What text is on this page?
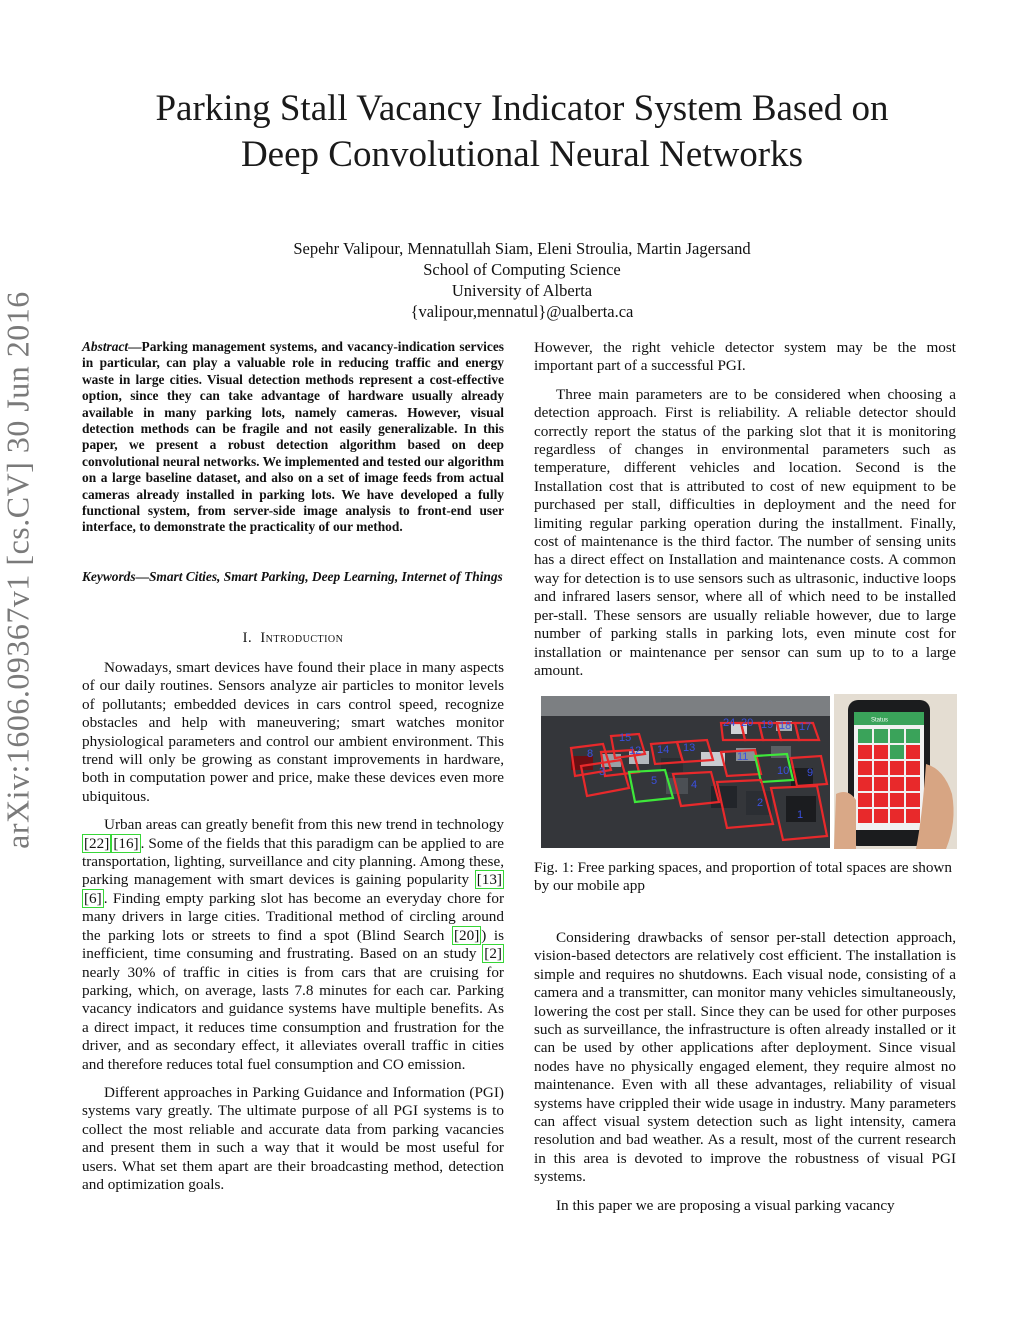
Parking Stall Vacancy Indicator System Based on
Deep Convolutional Neural Networks
Sepehr Valipour, Mennatullah Siam, Eleni Stroulia, Martin Jagersand
School of Computing Science
University of Alberta
{valipour,mennatul}@ualberta.ca
arXiv:1606.09367v1 [cs.CV] 30 Jun 2016	Abstract—Parking management systems, and vacancy-indication services in particular, can play a valuable role in reducing traffic and energy waste in large cities. Visual detection methods represent a cost-effective option, since they can take advantage of hardware usually already available in many parking lots, namely cameras. However, visual detection methods can be fragile and not easily generalizable. In this paper, we present a robust detection algorithm based on deep convolutional neural networks. We implemented and tested our algorithm on a large baseline dataset, and also on a set of image feeds from actual cameras already installed in parking lots. We have developed a fully functional system, from server-side image analysis to front-end user interface, to demonstrate the practicality of our method.
Keywords—Smart Cities, Smart Parking, Deep Learning, Internet of Things
I. Introduction

Nowadays, smart devices have found their place in many aspects of our daily routines. Sensors analyze air particles to monitor levels of pollutants; embedded devices in cars control speed, recognize obstacles and help with maneuvering; smart watches monitor physiological parameters and control our ambient environment. This trend will only be growing as constant improvements in hardware, both in computation power and price, make these devices even more ubiquitous.

Urban areas can greatly benefit from this new trend in technology [22] [16] . Some of the fields that this paradigm can be applied to are transportation, lighting, surveillance and city planning. Among these, parking management with smart devices is gaining popularity [13][6] . Finding empty parking slot has become an everyday chore for many drivers in large cities. Traditional method of circling around the parking lots or streets to find a spot (Blind Search [20] ) is inefficient, time consuming and frustrating. Based on an study [2] nearly 30% of traffic in cities is from cars that are cruising for parking, which, on average, lasts 7.8 minutes for each car. Parking vacancy indicators and guidance systems have multiple benefits. As a direct impact, it reduces time consumption and frustration for the driver, and as secondary effect, it alleviates overall traffic in cities and therefore reduces total fuel consumption and CO emission.

Different approaches in Parking Guidance and Information (PGI) systems vary greatly. The ultimate purpose of all PGI systems is to collect the most reliable and accurate data from parking vacancies and present them in such a way that it would be most useful for users. What set them apart are their broadcasting method, detection and optimization goals.

However, the right vehicle detector system may be the most important part of a successful PGI.

Three main parameters are to be considered when choosing a detection approach. First is reliability. A reliable detector should correctly report the status of the parking slot that it is monitoring regardless of changes in environmental parameters such as temperature, different vehicles and location. Second is the Installation cost that is attributed to cost of new equipment to be purchased per stall, difficulties in deployment and the need for limiting regular parking operation during the installment. Finally, cost of maintenance is the third factor. The number of sensing units has a direct effect on Installation and maintenance costs. A common way for detection is to use sensors such as ultrasonic, inductive loops and infrared lasers sensor, where all of which need to be installed per-stall. These sensors are usually reliable however, due to large number of parking stalls in parking lots, even minute cost for installation or maintenance per sensor can sum up to to a large amount.

24 20 19 18 17
15
14 13
12	11
10 9
8
5	4
3
2
1
Status
Fig. 1: Free parking spaces, and proportion of total spaces are shown by our mobile app

Considering drawbacks of sensor per-stall detection approach, vision-based detectors are relatively cost efficient. The installation is simple and requires no shutdowns. Each visual node, consisting of a camera and a transmitter, can monitor many vehicles simultaneously, lowering the cost per stall. Since they can be used for other purposes such as surveillance, the infrastructure is often already installed or it can be used by other applications after deployment. Since visual nodes have no physically engaged element, they require almost no maintenance. Even with all these advantages, reliability of visual systems have crippled their wide usage in industry. Many parameters can affect visual system detection such as light intensity, camera resolution and bad weather. As a result, most of the current research in this area is devoted to improve the robustness of visual PGI systems.

In this paper we are proposing a visual parking vacancy
